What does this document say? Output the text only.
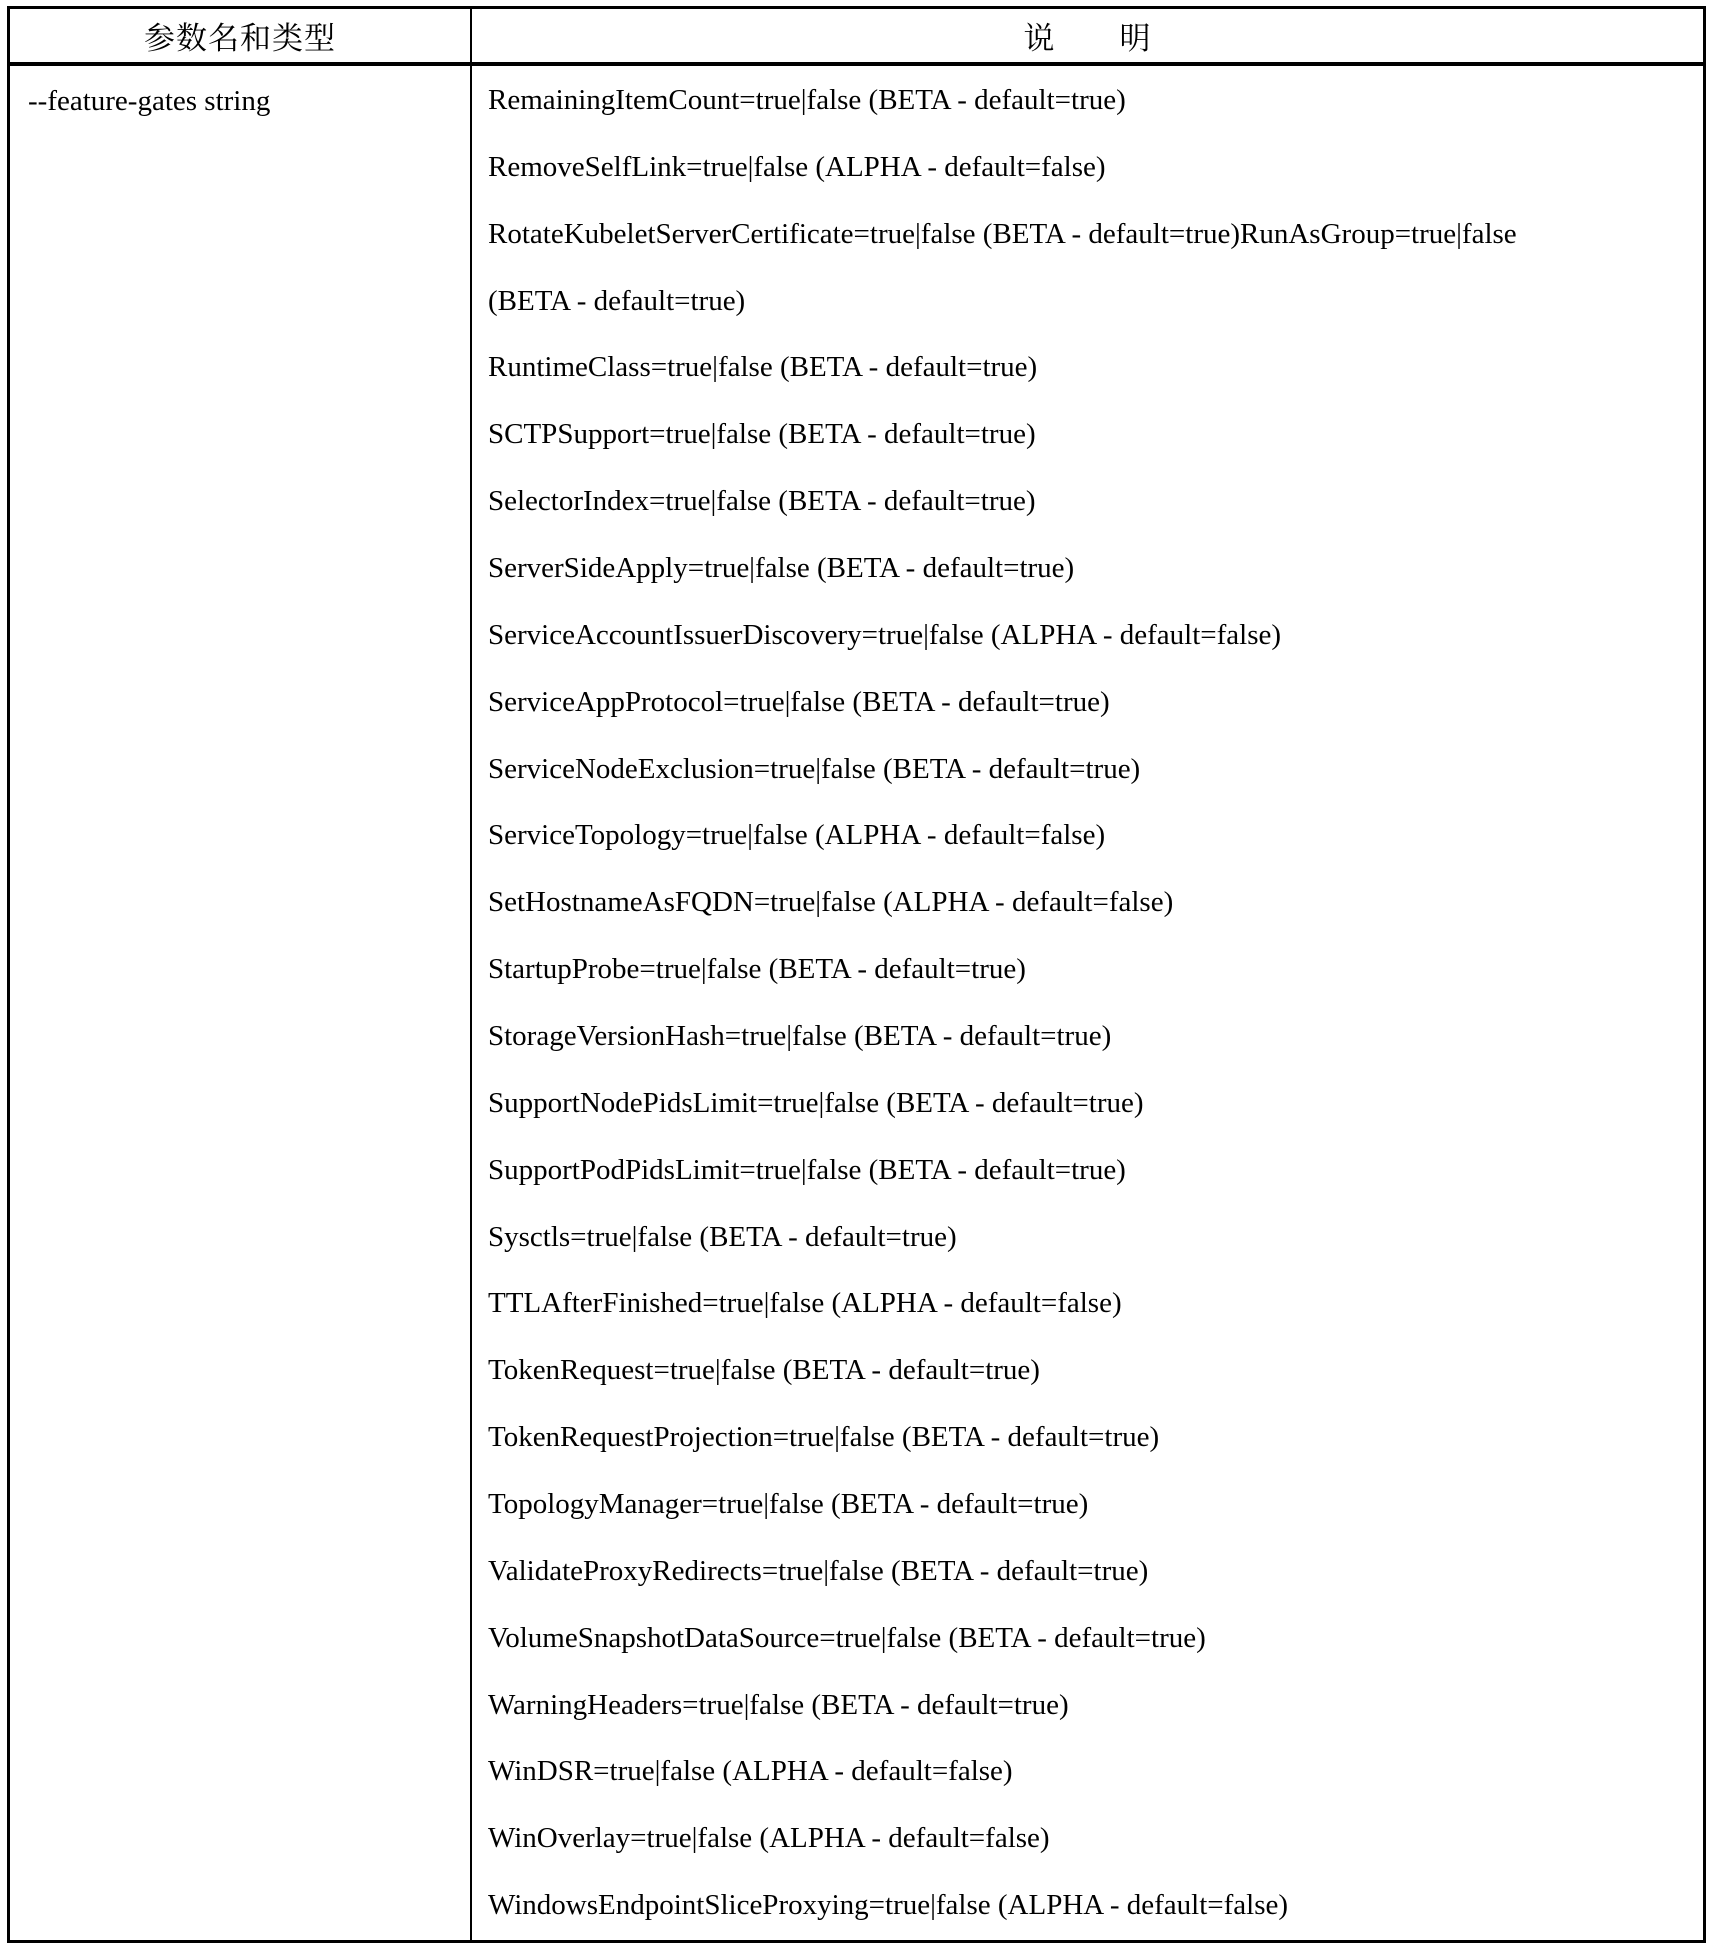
参数名和类型	说　　明
--feature-gates string	RemainingItemCount=true|false (BETA - default=true)
RemoveSelfLink=true|false (ALPHA - default=false)
RotateKubeletServerCertificate=true|false (BETA - default=true)RunAsGroup=true|false
(BETA - default=true)
RuntimeClass=true|false (BETA - default=true)
SCTPSupport=true|false (BETA - default=true)
SelectorIndex=true|false (BETA - default=true)
ServerSideApply=true|false (BETA - default=true)
ServiceAccountIssuerDiscovery=true|false (ALPHA - default=false)
ServiceAppProtocol=true|false (BETA - default=true)
ServiceNodeExclusion=true|false (BETA - default=true)
ServiceTopology=true|false (ALPHA - default=false)
SetHostnameAsFQDN=true|false (ALPHA - default=false)
StartupProbe=true|false (BETA - default=true)
StorageVersionHash=true|false (BETA - default=true)
SupportNodePidsLimit=true|false (BETA - default=true)
SupportPodPidsLimit=true|false (BETA - default=true)
Sysctls=true|false (BETA - default=true)
TTLAfterFinished=true|false (ALPHA - default=false)
TokenRequest=true|false (BETA - default=true)
TokenRequestProjection=true|false (BETA - default=true)
TopologyManager=true|false (BETA - default=true)
ValidateProxyRedirects=true|false (BETA - default=true)
VolumeSnapshotDataSource=true|false (BETA - default=true)
WarningHeaders=true|false (BETA - default=true)
WinDSR=true|false (ALPHA - default=false)
WinOverlay=true|false (ALPHA - default=false)
WindowsEndpointSliceProxying=true|false (ALPHA - default=false)
